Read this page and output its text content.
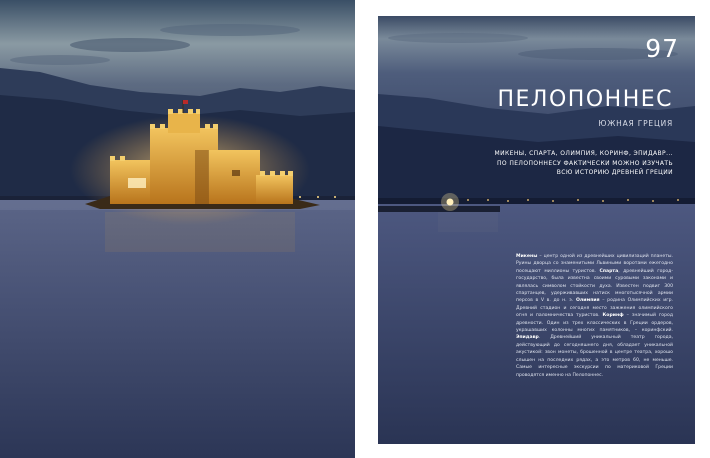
97
ПЕЛОПОННЕС
ЮЖНАЯ ГРЕЦИЯ

МИКЕНЫ, СПАРТА, ОЛИМПИЯ, КОРИНФ, ЭПИДАВР... ПО ПЕЛОПОННЕСУ ФАКТИЧЕСКИ МОЖНО ИЗУЧАТЬ ВСЮ ИСТОРИЮ ДРЕВНЕЙ ГРЕЦИИ

Микены – центр одной из древнейших цивилизаций планеты. Руины дворца со знаменитыми Львиными воротами ежегодно посещают миллионы туристов. Спарта, древнейший город-государство, была известна своими суровыми законами и являлась символом стойкости духа. Известен подвиг 300 спартанцев, удерживавших натиск многотысячной армии персов в V в. до н. э. Олимпия – родина Олимпийских игр. Древний стадион и сегодня место зажжения олимпийского огня и паломничества туристов. Коринф – значимый город древности. Один из трех классических в Греции ордеров, украшавших колонны многих памятников, – коринфский. Эпидавр. Древнейший уникальный театр города, действующий до сегодняшнего дня, обладает уникальной акустикой: звон монеты, брошенной в центре театра, хорошо слышен на последних рядах, а это метров 60, не меньше. Самые интересные экскурсии по материковой Греции проводятся именно на Пелопоннес.
